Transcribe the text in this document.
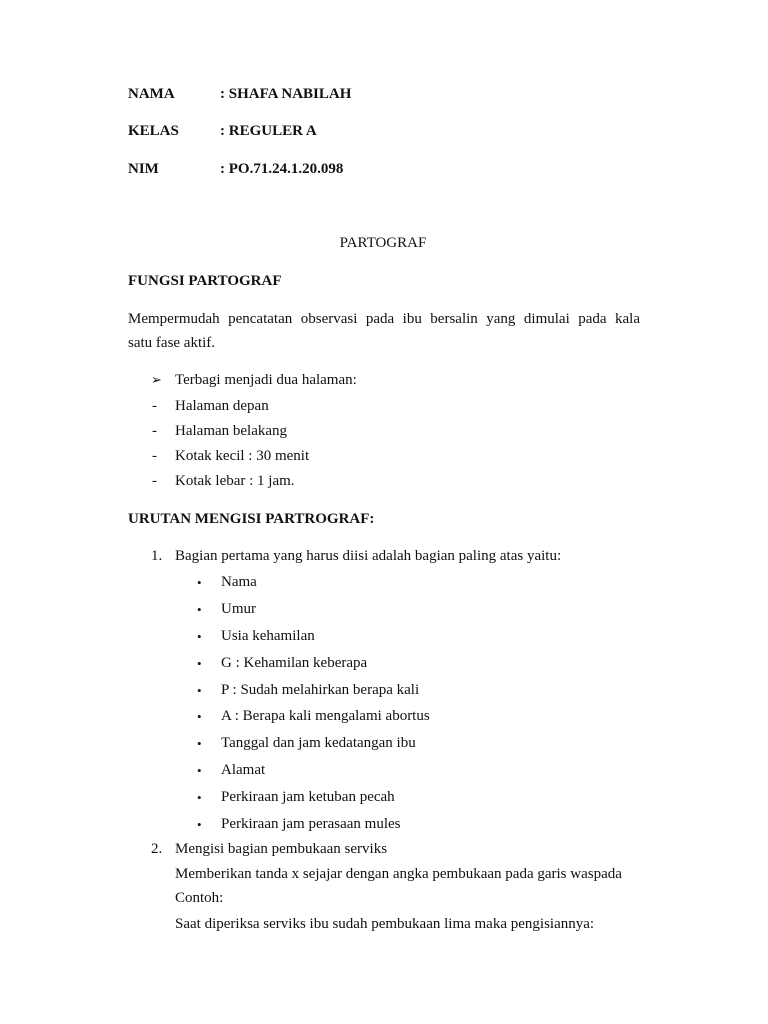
NAMA	: SHAFA NABILAH
KELAS	: REGULER A
NIM	: PO.71.24.1.20.098
PARTOGRAF
FUNGSI PARTOGRAF
Mempermudah pencatatan observasi pada ibu bersalin yang dimulai pada kala
satu fase aktif.
➢ Terbagi menjadi dua halaman:
- Halaman depan
- Halaman belakang
- Kotak kecil : 30 menit
- Kotak lebar : 1 jam.
URUTAN MENGISI PARTROGRAF:
1. Bagian pertama yang harus diisi adalah bagian paling atas yaitu:
• Nama
• Umur
• Usia kehamilan
• G : Kehamilan keberapa
• P : Sudah melahirkan berapa kali
• A : Berapa kali mengalami abortus
• Tanggal dan jam kedatangan ibu
• Alamat
• Perkiraan jam ketuban pecah
• Perkiraan jam perasaan mules
2. Mengisi bagian pembukaan serviks
Memberikan tanda x sejajar dengan angka pembukaan pada garis waspada
Contoh:
Saat diperiksa serviks ibu sudah pembukaan lima maka pengisiannya:
